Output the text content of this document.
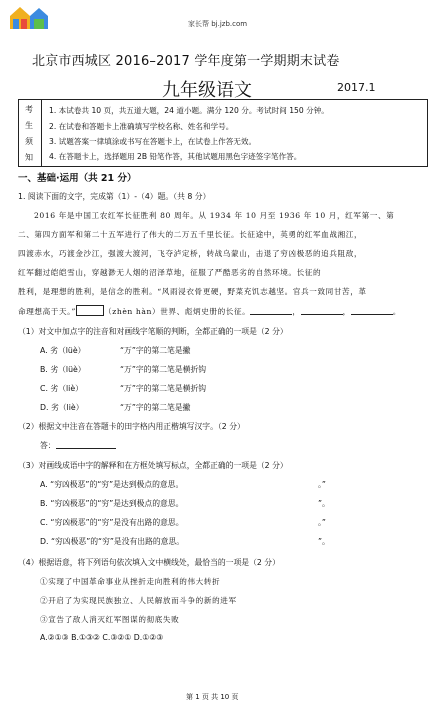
家长帮 bj.jzb.com
北京市西城区 2016–2017 学年度第一学期期末试卷
九年级语文	2017.1
考
生
须
知
1. 本试卷共 10 页，共五道大题，24 道小题。满分 120 分。考试时间 150 分钟。
2. 在试卷和答题卡上准确填写学校名称、姓名和学号。
3. 试题答案一律填涂或书写在答题卡上，在试卷上作答无效。
4. 在答题卡上，选择题用 2B 铅笔作答，其他试题用黑色字迹签字笔作答。
一、基础·运用（共 21 分）
1. 阅读下面的文字，完成第（1）-（4）题。（共 8 分）
2016 年是中国工农红军长征胜利 80 周年。从 1934 年 10 月至 1936 年 10 月，红军第一、第
二、第四方面军和第二十五军进行了伟大的二万五千里长征。长征途中，英勇的红军血战湘江，
四渡赤水，巧渡金沙江，强渡大渡河，飞夺泸定桥，转战乌蒙山，击退了穷凶极恶的追兵阻敌，
红军翻过皑皑雪山，穿越渺无人烟的沼泽草地，征服了严酷恶劣的自然环境。长征的
胜利，是理想的胜利，是信念的胜利。“风雨浸衣骨更硬，野菜充饥志越坚。官兵一致同甘苦，革
命理想高于天。”	（zhèn hàn）世界、彪炳史册的长征。	，	，	。
（1）对文中加点字的注音和对画线字笔顺的判断，全都正确的一项是（2 分）
A. 劣（lüè）	“万”字的第二笔是撇
B. 劣（lüè）	“万”字的第二笔是横折钩
C. 劣（liè）	“万”字的第二笔是横折钩
D. 劣（liè）	“万”字的第二笔是撇
（2）根据文中注音在答题卡的田字格内用正楷填写汉字。（2 分）
答：
（3）对画线成语中字的解释和在方框处填写标点，全都正确的一项是（2 分）
A. “穷凶极恶”的“穷”是达到极点的意思。	。”
B. “穷凶极恶”的“穷”是达到极点的意思。	”。
C. “穷凶极恶”的“穷”是没有出路的意思。	。”
D. “穷凶极恶”的“穷”是没有出路的意思。	”。
（4）根据语意，将下列语句依次填入文中横线处，最恰当的一项是（2 分）
①实现了中国革命事业从挫折走向胜利的伟大转折
②开启了为实现民族独立、人民解放而斗争的新的进军
③宣告了敌人消灭红军图谋的彻底失败
A.②①③ B.①③② C.③②① D.①②③
第 1 页 共 10 页
